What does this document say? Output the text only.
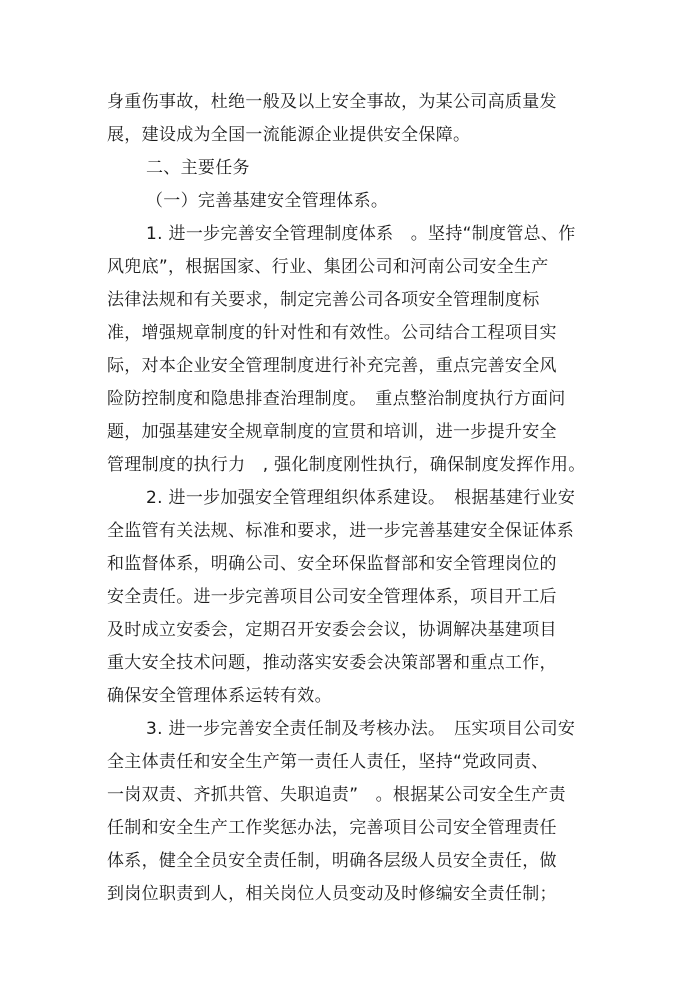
身重伤事故，杜绝一般及以上安全事故，为某公司高质量发
展，建设成为全国一流能源企业提供安全保障。
二、主要任务
（一）完善基建安全管理体系。
1. 进一步完善安全管理制度体系　。坚持“制度管总、作
风兜底”，根据国家、行业、集团公司和河南公司安全生产
法律法规和有关要求，制定完善公司各项安全管理制度标
准，增强规章制度的针对性和有效性。公司结合工程项目实
际，对本企业安全管理制度进行补充完善，重点完善安全风
险防控制度和隐患排查治理制度。　重点整治制度执行方面问
题，加强基建安全规章制度的宣贯和培训，进一步提升安全
管理制度的执行力　, 强化制度刚性执行，确保制度发挥作用。
2. 进一步加强安全管理组织体系建设。　根据基建行业安
全监管有关法规、标准和要求，进一步完善基建安全保证体系
和监督体系，明确公司、安全环保监督部和安全管理岗位的
安全责任。进一步完善项目公司安全管理体系，项目开工后
及时成立安委会，定期召开安委会会议，协调解决基建项目
重大安全技术问题，推动落实安委会决策部署和重点工作，
确保安全管理体系运转有效。
3. 进一步完善安全责任制及考核办法。　压实项目公司安
全主体责任和安全生产第一责任人责任，坚持“党政同责、
一岗双责、齐抓共管、失职追责”　。根据某公司安全生产责
任制和安全生产工作奖惩办法，完善项目公司安全管理责任
体系，健全全员安全责任制，明确各层级人员安全责任，做
到岗位职责到人，相关岗位人员变动及时修编安全责任制；
